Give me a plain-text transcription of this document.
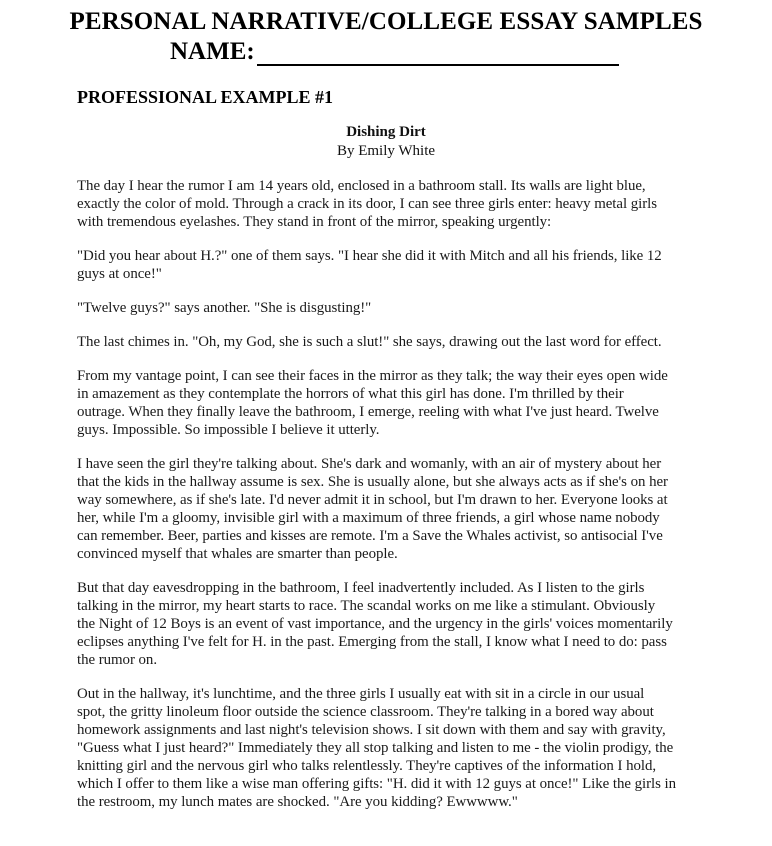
PERSONAL NARRATIVE/COLLEGE ESSAY SAMPLES
NAME:
PROFESSIONAL EXAMPLE #1
Dishing Dirt
By Emily White

The day I hear the rumor I am 14 years old, enclosed in a bathroom stall. Its walls are light blue,
exactly the color of mold. Through a crack in its door, I can see three girls enter: heavy metal girls
with tremendous eyelashes. They stand in front of the mirror, speaking urgently:

"Did you hear about H.?" one of them says. "I hear she did it with Mitch and all his friends, like 12
guys at once!"

"Twelve guys?" says another. "She is disgusting!"

The last chimes in. "Oh, my God, she is such a slut!" she says, drawing out the last word for effect.

From my vantage point, I can see their faces in the mirror as they talk; the way their eyes open wide
in amazement as they contemplate the horrors of what this girl has done. I'm thrilled by their
outrage. When they finally leave the bathroom, I emerge, reeling with what I've just heard. Twelve
guys. Impossible. So impossible I believe it utterly.

I have seen the girl they're talking about. She's dark and womanly, with an air of mystery about her
that the kids in the hallway assume is sex. She is usually alone, but she always acts as if she's on her
way somewhere, as if she's late. I'd never admit it in school, but I'm drawn to her. Everyone looks at
her, while I'm a gloomy, invisible girl with a maximum of three friends, a girl whose name nobody
can remember. Beer, parties and kisses are remote. I'm a Save the Whales activist, so antisocial I've
convinced myself that whales are smarter than people.

But that day eavesdropping in the bathroom, I feel inadvertently included. As I listen to the girls
talking in the mirror, my heart starts to race. The scandal works on me like a stimulant. Obviously
the Night of 12 Boys is an event of vast importance, and the urgency in the girls' voices momentarily
eclipses anything I've felt for H. in the past. Emerging from the stall, I know what I need to do: pass
the rumor on.

Out in the hallway, it's lunchtime, and the three girls I usually eat with sit in a circle in our usual
spot, the gritty linoleum floor outside the science classroom. They're talking in a bored way about
homework assignments and last night's television shows. I sit down with them and say with gravity,
"Guess what I just heard?" Immediately they all stop talking and listen to me - the violin prodigy, the
knitting girl and the nervous girl who talks relentlessly. They're captives of the information I hold,
which I offer to them like a wise man offering gifts: "H. did it with 12 guys at once!" Like the girls in
the restroom, my lunch mates are shocked. "Are you kidding? Ewwwww."
